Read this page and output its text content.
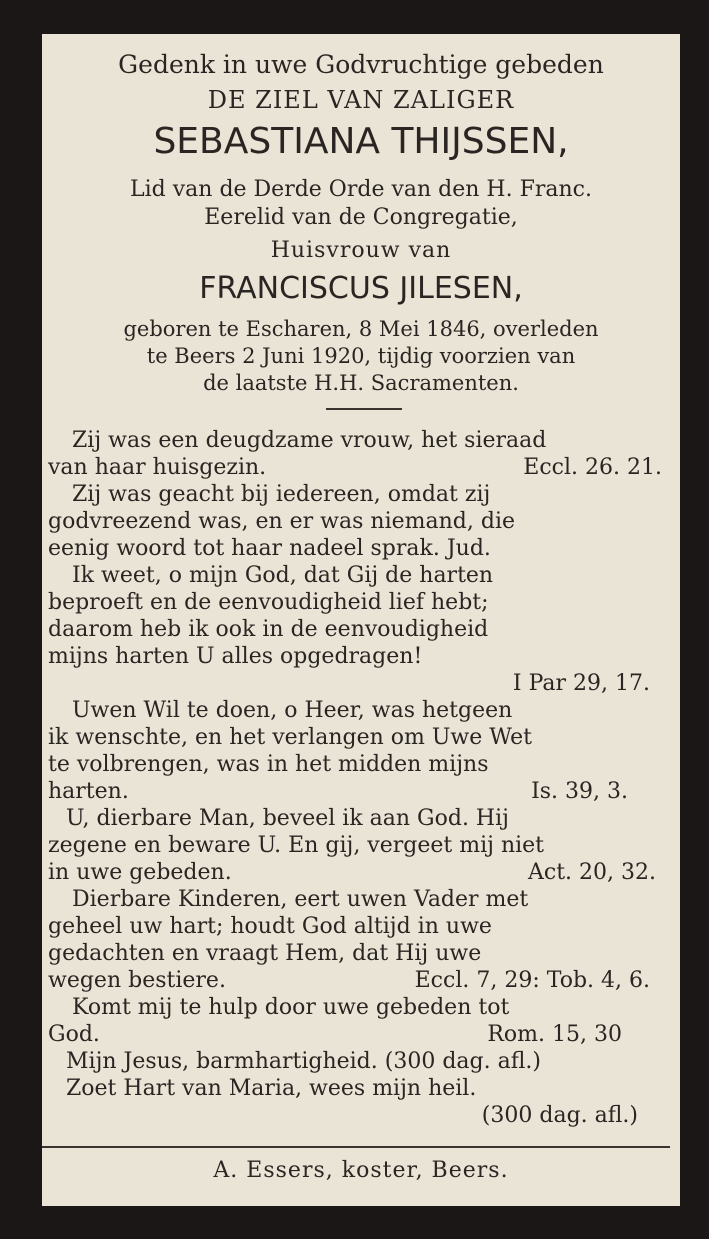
Gedenk in uwe Godvruchtige gebeden
DE ZIEL VAN ZALIGER
SEBASTIANA THIJSSEN,
Lid van de Derde Orde van den H. Franc.
Eerelid van de Congregatie,
Huisvrouw van
FRANCISCUS JILESEN,
geboren te Escharen, 8 Mei 1846, overleden
te Beers 2 Juni 1920, tijdig voorzien van
de laatste H.H. Sacramenten.
Zij was een deugdzame vrouw, het sieraad
van haar huisgezin.	Eccl. 26. 21.
Zij was geacht bij iedereen, omdat zij
godvreezend was, en er was niemand, die
eenig woord tot haar nadeel sprak. Jud.
Ik weet, o mijn God, dat Gij de harten
beproeft en de eenvoudigheid lief hebt;
daarom heb ik ook in de eenvoudigheid
mijns harten U alles opgedragen!
I Par 29, 17.
Uwen Wil te doen, o Heer, was hetgeen
ik wenschte, en het verlangen om Uwe Wet
te volbrengen, was in het midden mijns
harten.	Is. 39, 3.
U, dierbare Man, beveel ik aan God. Hij
zegene en beware U. En gij, vergeet mij niet
in uwe gebeden.	Act. 20, 32.
Dierbare Kinderen, eert uwen Vader met
geheel uw hart; houdt God altijd in uwe
gedachten en vraagt Hem, dat Hij uwe
wegen bestiere.	Eccl. 7, 29: Tob. 4, 6.
Komt mij te hulp door uwe gebeden tot
God.	Rom. 15, 30
Mijn Jesus, barmhartigheid. (300 dag. afl.)
Zoet Hart van Maria, wees mijn heil.
(300 dag. afl.)
A. Essers, koster, Beers.
